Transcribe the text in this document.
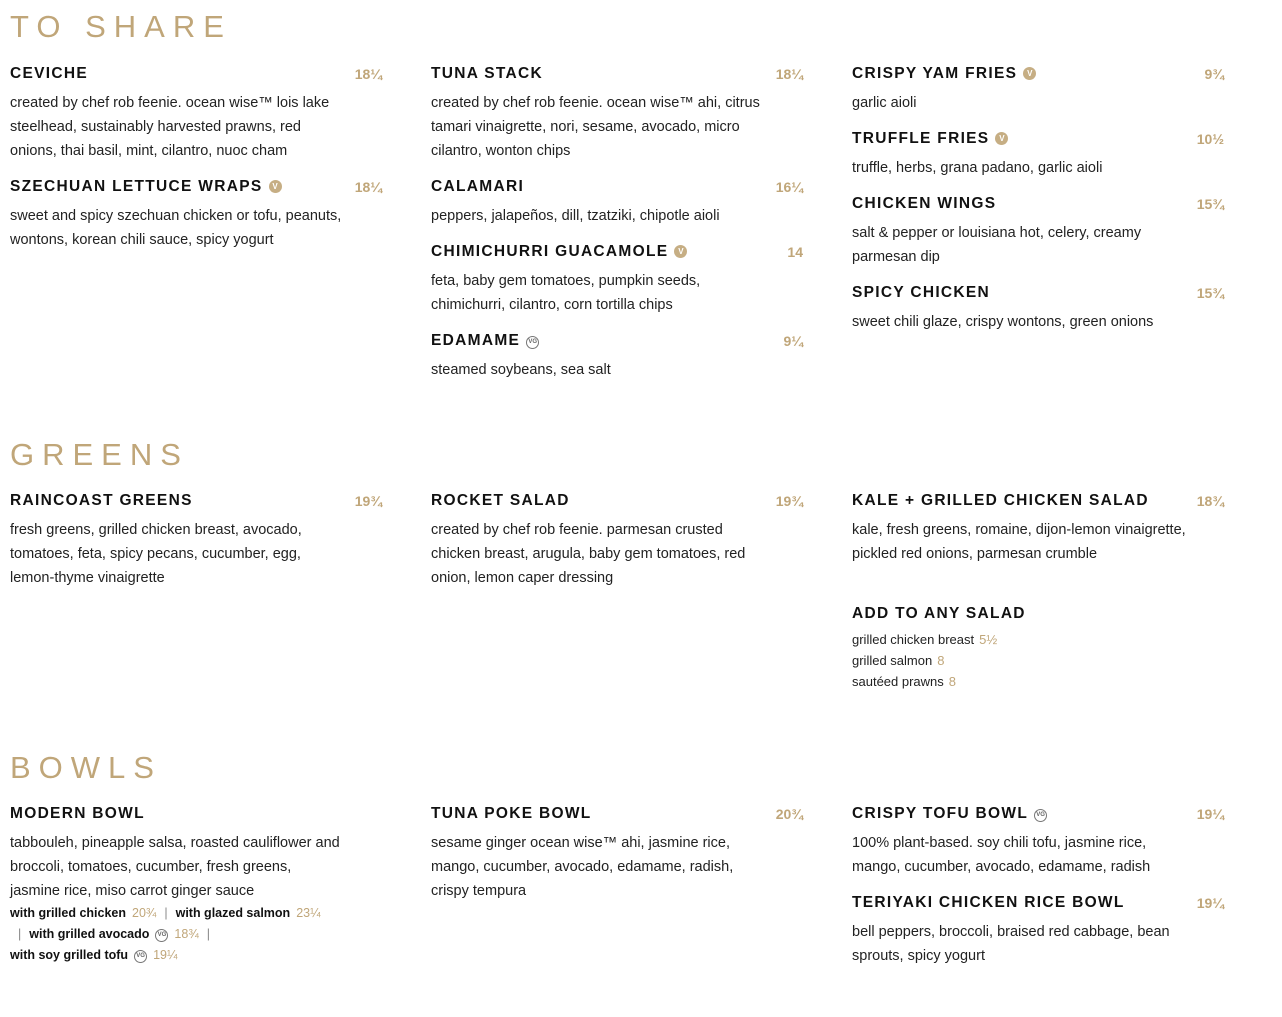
TO SHARE
CEVICHE	18¼
created by chef rob feenie. ocean wise™ lois lake steelhead, sustainably harvested prawns, red onions, thai basil, mint, cilantro, nuoc cham
SZECHUAN LETTUCE WRAPS V	18¼
sweet and spicy szechuan chicken or tofu, peanuts, wontons, korean chili sauce, spicy yogurt
TUNA STACK	18¼
created by chef rob feenie. ocean wise™ ahi, citrus tamari vinaigrette, nori, sesame, avocado, micro cilantro, wonton chips
CALAMARI	16¼
peppers, jalapeños, dill, tzatziki, chipotle aioli
CHIMICHURRI GUACAMOLE V	14
feta, baby gem tomatoes, pumpkin seeds, chimichurri, cilantro, corn tortilla chips
EDAMAME VG	9¼
steamed soybeans, sea salt
CRISPY YAM FRIES V	9¾
garlic aioli
TRUFFLE FRIES V	10½
truffle, herbs, grana padano, garlic aioli
CHICKEN WINGS	15¾
salt & pepper or louisiana hot, celery, creamy parmesan dip
SPICY CHICKEN	15¾
sweet chili glaze, crispy wontons, green onions
GREENS
RAINCOAST GREENS	19¾
fresh greens, grilled chicken breast, avocado, tomatoes, feta, spicy pecans, cucumber, egg, lemon-thyme vinaigrette
ROCKET SALAD	19¾
created by chef rob feenie. parmesan crusted chicken breast, arugula, baby gem tomatoes, red onion, lemon caper dressing
KALE + GRILLED CHICKEN SALAD	18¾
kale, fresh greens, romaine, dijon-lemon vinaigrette, pickled red onions, parmesan crumble
ADD TO ANY SALAD
grilled chicken breast 5½
grilled salmon 8
sautéed prawns 8
BOWLS
MODERN BOWL
tabbouleh, pineapple salsa, roasted cauliflower and broccoli, tomatoes, cucumber, fresh greens, jasmine rice, miso carrot ginger sauce
with grilled chicken 20¾ | with glazed salmon 23¼
| with grilled avocado VG 18¾ |
with soy grilled tofu VG 19¼
TUNA POKE BOWL	20¾
sesame ginger ocean wise™ ahi, jasmine rice, mango, cucumber, avocado, edamame, radish, crispy tempura
CRISPY TOFU BOWL VG	19¼
100% plant-based. soy chili tofu, jasmine rice, mango, cucumber, avocado, edamame, radish
TERIYAKI CHICKEN RICE BOWL	19¼
bell peppers, broccoli, braised red cabbage, bean sprouts, spicy yogurt
